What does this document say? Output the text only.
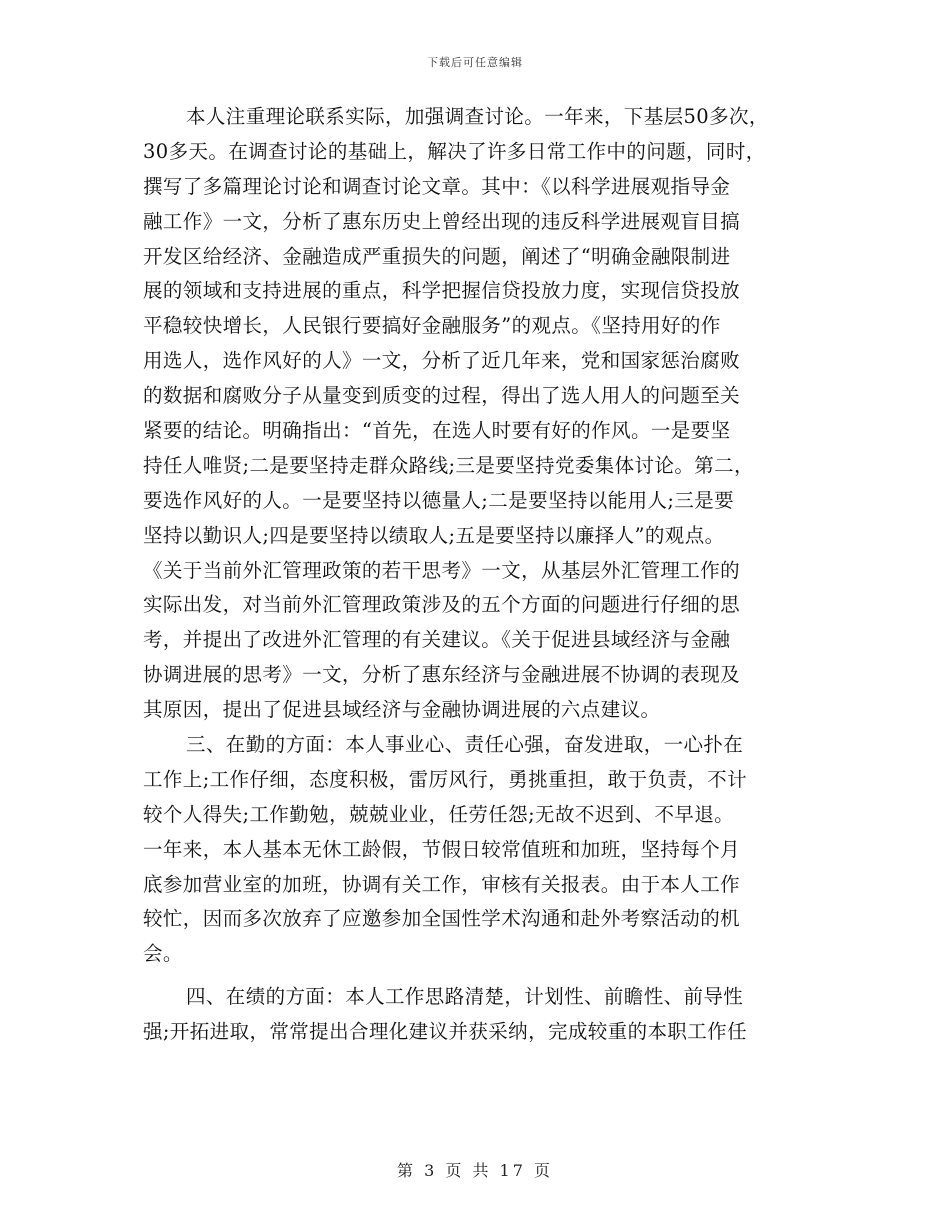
下载后可任意编辑
本人注重理论联系实际，加强调查讨论。一年来，下基层50多次，
30多天。在调查讨论的基础上，解决了许多日常工作中的问题，同时，
撰写了多篇理论讨论和调查讨论文章。其中：《以科学进展观指导金
融工作》一文，分析了惠东历史上曾经出现的违反科学进展观盲目搞
开发区给经济、金融造成严重损失的问题，阐述了“明确金融限制进
展的领域和支持进展的重点，科学把握信贷投放力度，实现信贷投放
平稳较快增长，人民银行要搞好金融服务”的观点。《坚持用好的作
用选人，选作风好的人》一文，分析了近几年来，党和国家惩治腐败
的数据和腐败分子从量变到质变的过程，得出了选人用人的问题至关
紧要的结论。明确指出：“首先，在选人时要有好的作风。一是要坚
持任人唯贤;二是要坚持走群众路线;三是要坚持党委集体讨论。第二，
要选作风好的人。一是要坚持以德量人;二是要坚持以能用人;三是要
坚持以勤识人;四是要坚持以绩取人;五是要坚持以廉择人”的观点。
《关于当前外汇管理政策的若干思考》一文，从基层外汇管理工作的
实际出发，对当前外汇管理政策涉及的五个方面的问题进行仔细的思
考，并提出了改进外汇管理的有关建议。《关于促进县域经济与金融
协调进展的思考》一文，分析了惠东经济与金融进展不协调的表现及
其原因，提出了促进县域经济与金融协调进展的六点建议。
三、在勤的方面：本人事业心、责任心强，奋发进取，一心扑在
工作上;工作仔细，态度积极，雷厉风行，勇挑重担，敢于负责，不计
较个人得失;工作勤勉，兢兢业业，任劳任怨;无故不迟到、不早退。
一年来，本人基本无休工龄假，节假日较常值班和加班，坚持每个月
底参加营业室的加班，协调有关工作，审核有关报表。由于本人工作
较忙，因而多次放弃了应邀参加全国性学术沟通和赴外考察活动的机
会。
四、在绩的方面：本人工作思路清楚，计划性、前瞻性、前导性
强;开拓进取，常常提出合理化建议并获采纳，完成较重的本职工作任
第 3 页 共 17 页
